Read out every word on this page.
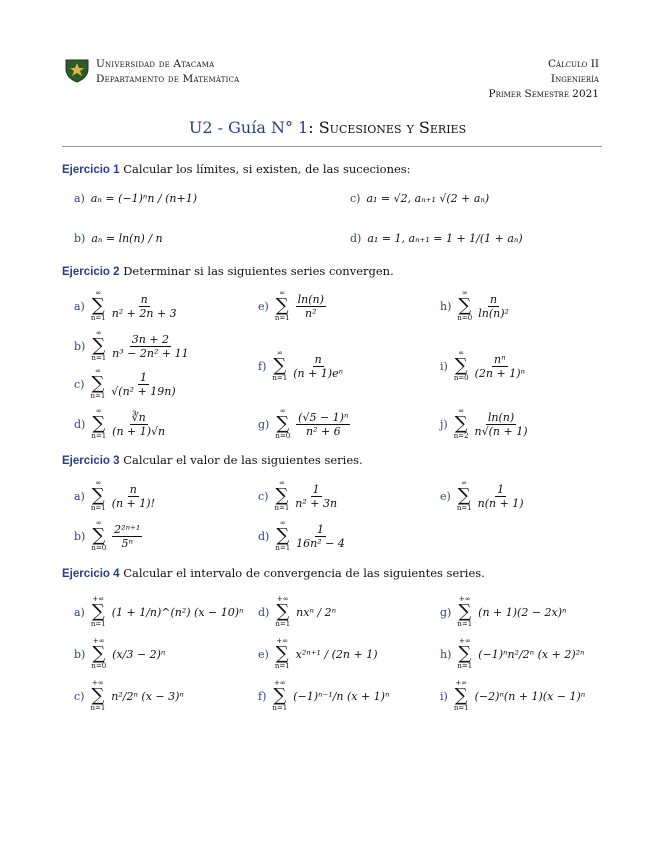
Universidad de Atacama
Departamento de Matemática
Cálculo II
Ingeniería
Primer Semestre 2021
U2 - Guía N° 1: Sucesiones y Series
Ejercicio 1 Calcular los límites, si existen, de las suceciones:
a) aₙ = (−1)ⁿn / (n+1)
b) aₙ = ln(n) / n
c) a₁ = √2, aₙ₊₁ √(2 + aₙ)
d) a₁ = 1, aₙ₊₁ = 1 + 1/(1 + aₙ)
Ejercicio 2 Determinar si las siguientes series convergen.
a)
∞
∑
$n=1 \frac{n}{\text{n² + 2n + 3}}$
b)
∞
∑
$n=1 \frac{3n + 2}{\text{n³ − 2n² + 11}}$
c)
∞
∑
$n=1 \frac{1}{\text{√(n² + 19n)}}$
d)
∞
∑
$n=1 \frac{∛n}{(n + 1)√n}$
e)
∞
∑
$n=1 \frac{\ln(n)}{\text{n²}}$
f)
∞
∑
$n=1 \frac{n}{\text{(n + 1)eⁿ}}$
g)
∞
∑
$n=0 \frac{\text{(√5 − 1)ⁿ}}{\text{n² + 6}}$
h)
∞
∑
$n=0 \frac{n}{\text{ln(n)²}}$
i)
∞
∑
$n=0 \frac{\text{nⁿ}}{\text{(2n + 1)ⁿ}}$
j)
∞
∑
$n=2 \frac{\ln(n)}{n√(n + 1)}$
Ejercicio 3 Calcular el valor de las siguientes series.
a)
∞
∑
$n=1 \frac{n}{(n + 1)!}$
b)
∞
∑
$n=0 \frac{\text{2²ⁿ⁺¹}}{\text{5ⁿ}}$
c)
∞
∑
$n=1 \frac{1}{\text{n² + 3n}}$
d)
∞
∑
$n=1 \frac{1}{\text{16n² − 4}}$
e)
∞
∑
$n=1 \frac{1}{n(n + 1)}$
Ejercicio 4 Calcular el intervalo de convergencia de las siguientes series.
a)
+∞
∑
n=1
(1 + 1/n)^(n²) (x − 10)ⁿ
b)
+∞
∑
n=0
(x/3 − 2)ⁿ
c)
+∞
∑
n=1
n²/2ⁿ (x − 3)ⁿ
d)
+∞
∑
n=1
nxⁿ / 2ⁿ
e)
+∞
∑
n=1
x²ⁿ⁺¹ / (2n + 1)
f)
+∞
∑
n=1
(−1)ⁿ⁻¹/n (x + 1)ⁿ
g)
+∞
∑
n=1
(n + 1)(2 − 2x)ⁿ
h)
+∞
∑
n=1
(−1)ⁿn²/2ⁿ (x + 2)²ⁿ
i)
+∞
∑
n=1
(−2)ⁿ(n + 1)(x − 1)ⁿ
